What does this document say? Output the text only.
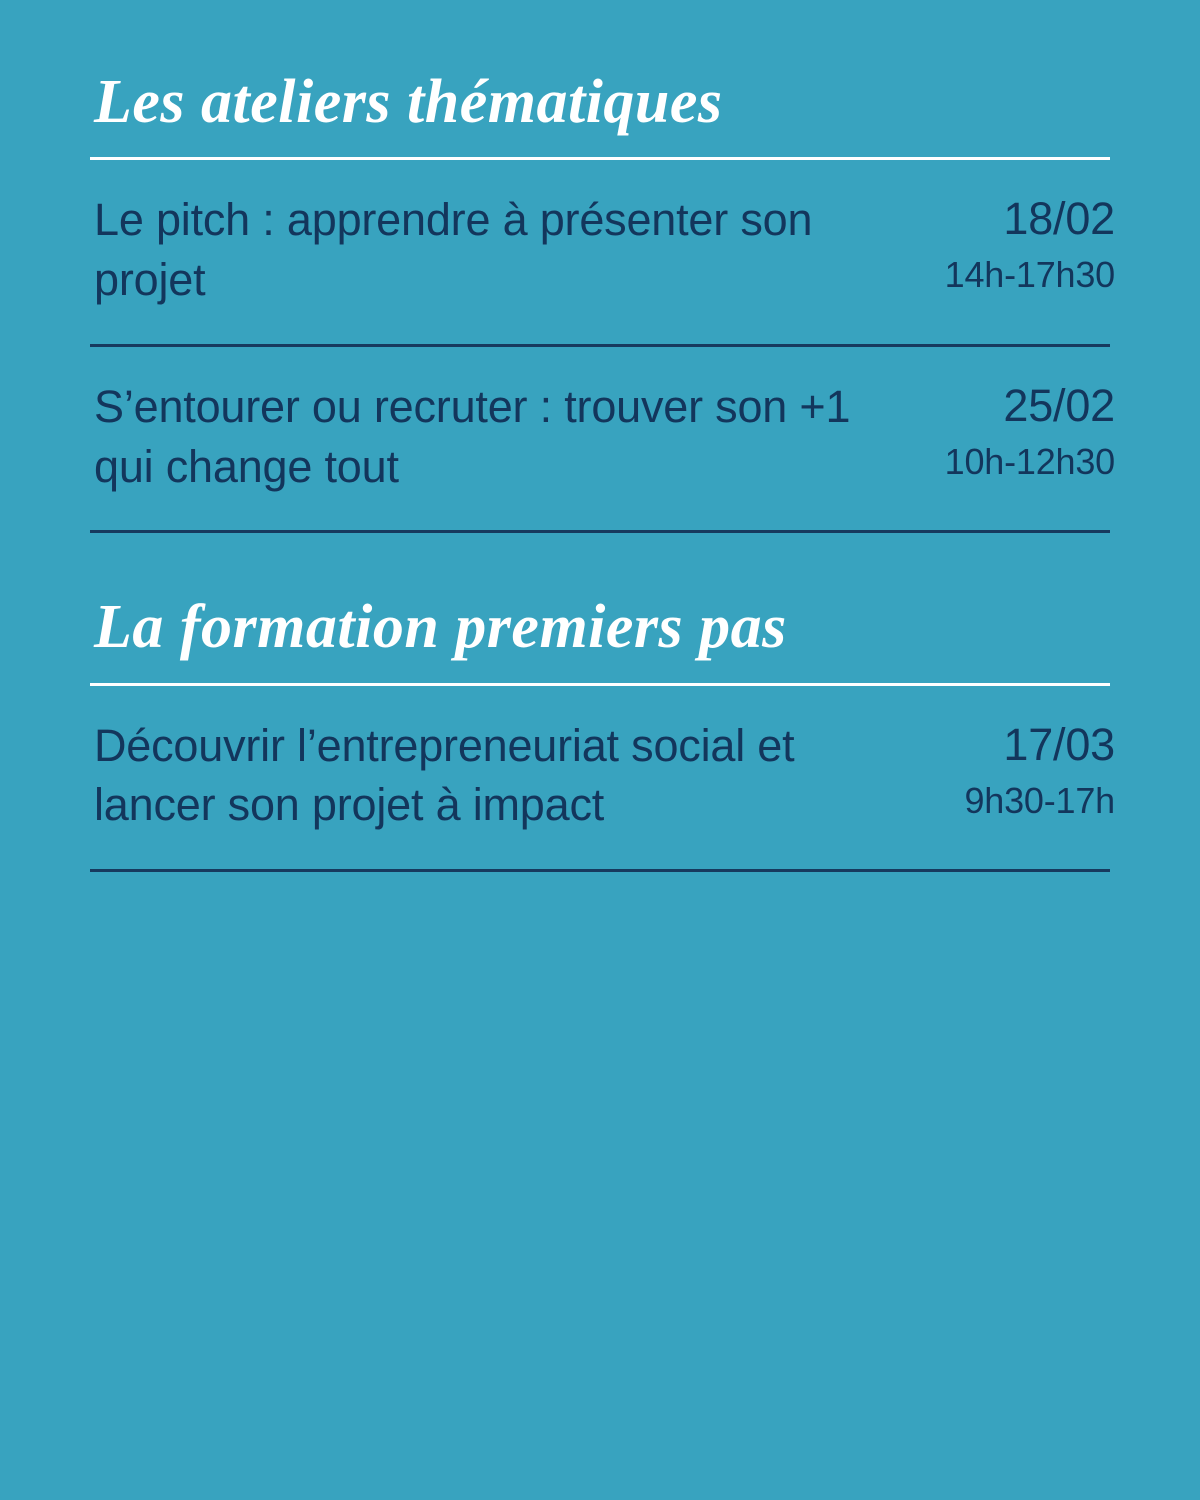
Les ateliers thématiques
Le pitch : apprendre à présenter son projet
18/02
14h-17h30
S’entourer ou recruter : trouver son +1 qui change tout
25/02
10h-12h30
La formation premiers pas
Découvrir l’entrepreneuriat social et lancer son projet à impact
17/03
9h30-17h
